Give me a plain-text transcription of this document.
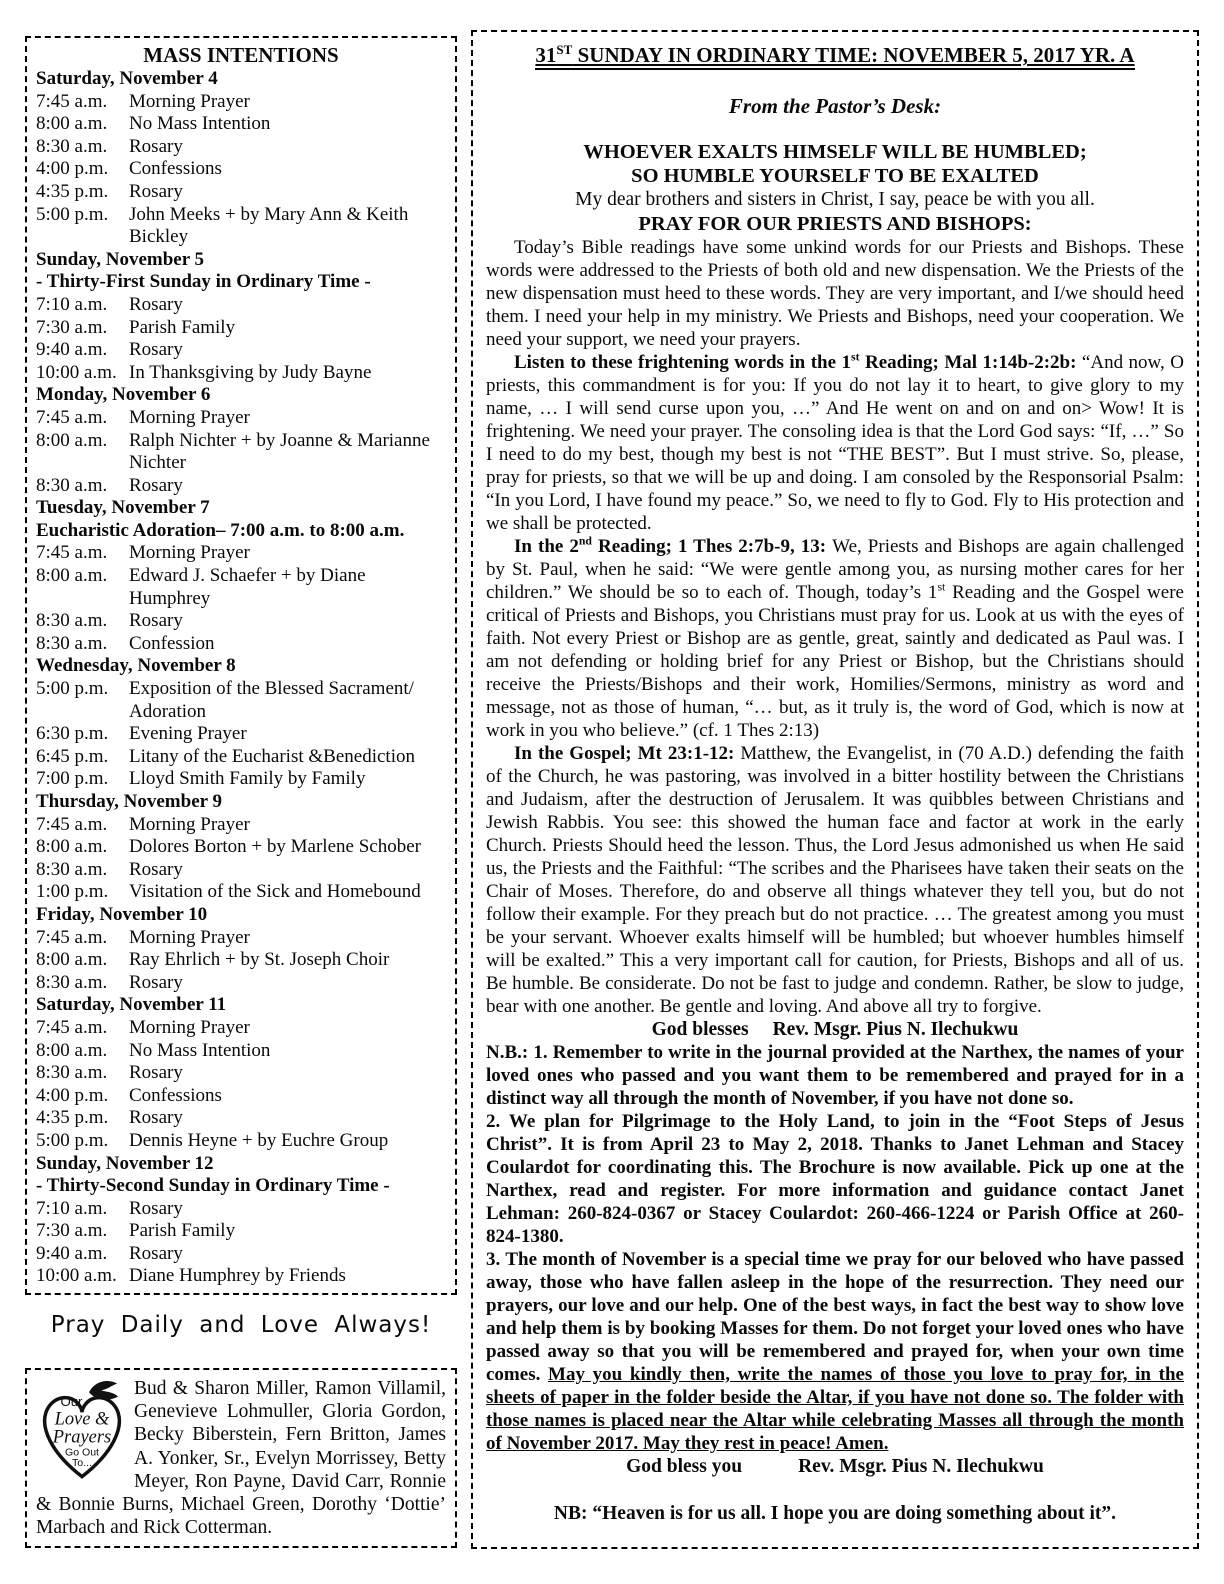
MASS INTENTIONS
Saturday, November 4
7:45 a.m.	Morning Prayer
8:00 a.m.	No Mass Intention
8:30 a.m.	Rosary
4:00 p.m.	Confessions
4:35 p.m.	Rosary
5:00 p.m.	John Meeks + by Mary Ann & Keith Bickley
Sunday, November 5
- Thirty-First Sunday in Ordinary Time -
7:10 a.m.	Rosary
7:30 a.m.	Parish Family
9:40 a.m.	Rosary
10:00 a.m. In Thanksgiving by Judy Bayne
Monday, November 6
7:45 a.m.	Morning Prayer
8:00 a.m.	Ralph Nichter + by Joanne & Marianne Nichter
8:30 a.m.	Rosary
Tuesday, November 7
Eucharistic Adoration– 7:00 a.m. to 8:00 a.m.
7:45 a.m.	Morning Prayer
8:00 a.m.	Edward J. Schaefer + by Diane Humphrey
8:30 a.m.	Rosary
8:30 a.m.	Confession
Wednesday, November 8
5:00 p.m.	Exposition of the Blessed Sacrament/ Adoration
6:30 p.m.	Evening Prayer
6:45 p.m.	Litany of the Eucharist &Benediction
7:00 p.m.	Lloyd Smith Family by Family
Thursday, November 9
7:45 a.m.	Morning Prayer
8:00 a.m.	Dolores Borton + by Marlene Schober
8:30 a.m.	Rosary
1:00 p.m.	Visitation of the Sick and Homebound
Friday, November 10
7:45 a.m.	Morning Prayer
8:00 a.m.	Ray Ehrlich + by St. Joseph Choir
8:30 a.m.	Rosary
Saturday, November 11
7:45 a.m.	Morning Prayer
8:00 a.m.	No Mass Intention
8:30 a.m.	Rosary
4:00 p.m.	Confessions
4:35 p.m.	Rosary
5:00 p.m.	Dennis Heyne + by Euchre Group
Sunday, November 12
- Thirty-Second Sunday in Ordinary Time -
7:10 a.m.	Rosary
7:30 a.m.	Parish Family
9:40 a.m.	Rosary
10:00 a.m. Diane Humphrey by Friends
Pray Daily and Love Always!
Our
Love &
Prayers
Go Out
To...
Bud & Sharon Miller, Ramon Villamil, Genevieve Lohmuller, Gloria Gordon, Becky Biberstein, Fern Britton, James A. Yonker, Sr., Evelyn Morrissey, Betty Meyer, Ron Payne, David Carr, Ronnie & Bonnie Burns, Michael Green, Dorothy ‘Dottie’ Marbach and Rick Cotterman.
31ST SUNDAY IN ORDINARY TIME: NOVEMBER 5, 2017 YR. A
From the Pastor’s Desk:
WHOEVER EXALTS HIMSELF WILL BE HUMBLED;
SO HUMBLE YOURSELF TO BE EXALTED
My dear brothers and sisters in Christ, I say, peace be with you all.
PRAY FOR OUR PRIESTS AND BISHOPS:

Today’s Bible readings have some unkind words for our Priests and Bishops. These words were addressed to the Priests of both old and new dispensation. We the Priests of the new dispensation must heed to these words. They are very important, and I/we should heed them. I need your help in my ministry. We Priests and Bishops, need your cooperation. We need your support, we need your prayers.

Listen to these frightening words in the 1st Reading; Mal 1:14b-2:2b: “And now, O priests, this commandment is for you: If you do not lay it to heart, to give glory to my name, … I will send curse upon you, …” And He went on and on and on> Wow! It is frightening. We need your prayer. The consoling idea is that the Lord God says: “If, …” So I need to do my best, though my best is not “THE BEST”. But I must strive. So, please, pray for priests, so that we will be up and doing. I am consoled by the Responsorial Psalm: “In you Lord, I have found my peace.” So, we need to fly to God. Fly to His protection and we shall be protected.

In the 2nd Reading; 1 Thes 2:7b-9, 13: We, Priests and Bishops are again challenged by St. Paul, when he said: “We were gentle among you, as nursing mother cares for her children.” We should be so to each of. Though, today’s 1st Reading and the Gospel were critical of Priests and Bishops, you Christians must pray for us. Look at us with the eyes of faith. Not every Priest or Bishop are as gentle, great, saintly and dedicated as Paul was. I am not defending or holding brief for any Priest or Bishop, but the Christians should receive the Priests/Bishops and their work, Homilies/Sermons, ministry as word and message, not as those of human, “… but, as it truly is, the word of God, which is now at work in you who believe.” (cf. 1 Thes 2:13)

In the Gospel; Mt 23:1-12: Matthew, the Evangelist, in (70 A.D.) defending the faith of the Church, he was pastoring, was involved in a bitter hostility between the Christians and Judaism, after the destruction of Jerusalem. It was quibbles between Christians and Jewish Rabbis. You see: this showed the human face and factor at work in the early Church. Priests Should heed the lesson. Thus, the Lord Jesus admonished us when He said us, the Priests and the Faithful: “The scribes and the Pharisees have taken their seats on the Chair of Moses. Therefore, do and observe all things whatever they tell you, but do not follow their example. For they preach but do not practice. … The greatest among you must be your servant. Whoever exalts himself will be humbled; but whoever humbles himself will be exalted.” This a very important call for caution, for Priests, Bishops and all of us. Be humble. Be considerate. Do not be fast to judge and condemn. Rather, be slow to judge, bear with one another. Be gentle and loving. And above all try to forgive.

God blesses Rev. Msgr. Pius N. Ilechukwu

N.B.: 1. Remember to write in the journal provided at the Narthex, the names of your loved ones who passed and you want them to be remembered and prayed for in a distinct way all through the month of November, if you have not done so.

2. We plan for Pilgrimage to the Holy Land, to join in the “Foot Steps of Jesus Christ”. It is from April 23 to May 2, 2018. Thanks to Janet Lehman and Stacey Coulardot for coordinating this. The Brochure is now available. Pick up one at the Narthex, read and register. For more information and guidance contact Janet Lehman: 260-824-0367 or Stacey Coulardot: 260-466-1224 or Parish Office at 260-824-1380.

3. The month of November is a special time we pray for our beloved who have passed away, those who have fallen asleep in the hope of the resurrection. They need our prayers, our love and our help. One of the best ways, in fact the best way to show love and help them is by booking Masses for them. Do not forget your loved ones who have passed away so that you will be remembered and prayed for, when your own time comes. May you kindly then, write the names of those you love to pray for, in the sheets of paper in the folder beside the Altar, if you have not done so. The folder with those names is placed near the Altar while celebrating Masses all through the month of November 2017. May they rest in peace! Amen.

God bless you	Rev. Msgr. Pius N. Ilechukwu
NB: “Heaven is for us all. I hope you are doing something about it”.
